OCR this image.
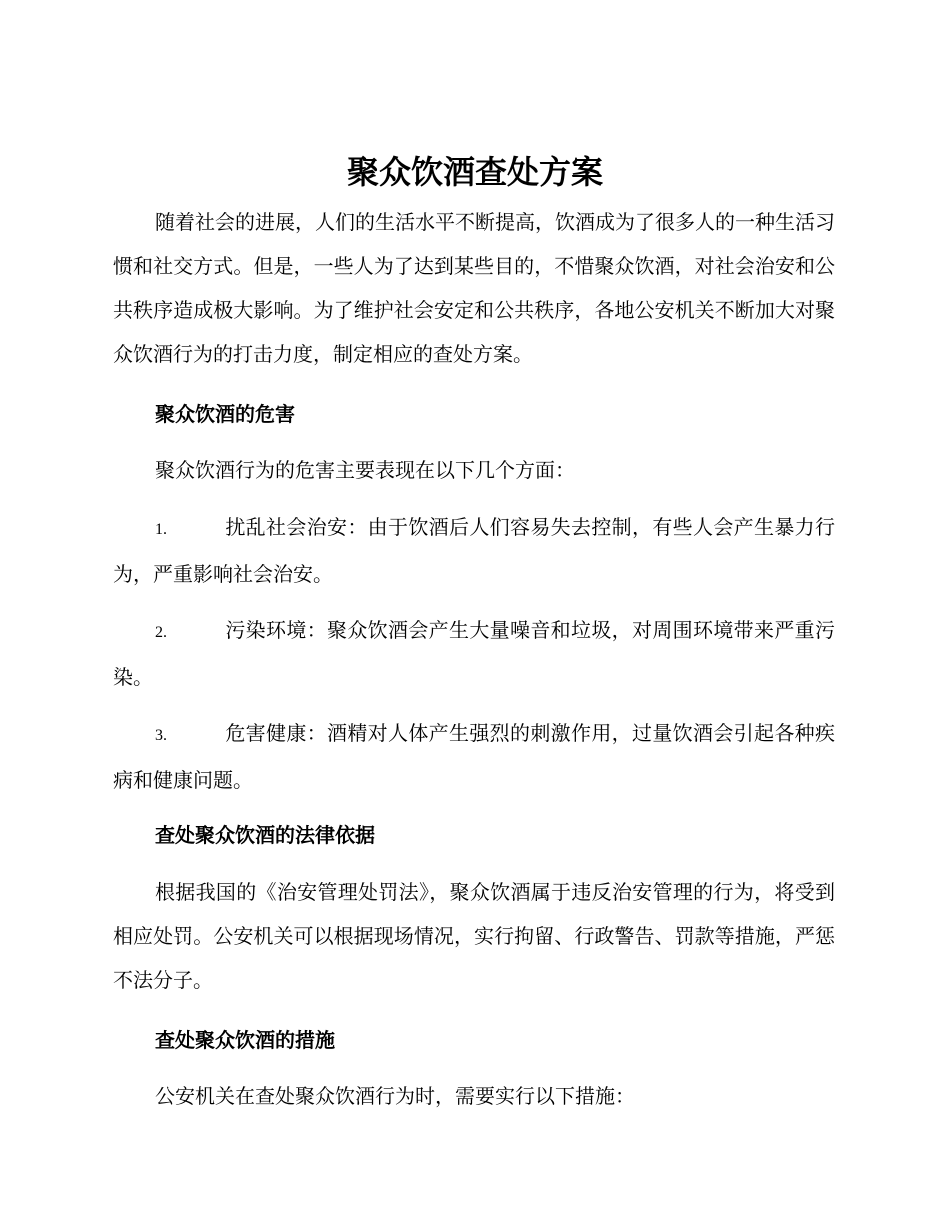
聚众饮酒查处方案

随着社会的进展，人们的生活水平不断提高，饮酒成为了很多人的一种生活习惯和社交方式。但是，一些人为了达到某些目的，不惜聚众饮酒，对社会治安和公共秩序造成极大影响。为了维护社会安定和公共秩序，各地公安机关不断加大对聚众饮酒行为的打击力度，制定相应的查处方案。

聚众饮酒的危害

聚众饮酒行为的危害主要表现在以下几个方面：

1.	扰乱社会治安：由于饮酒后人们容易失去控制，有些人会产生暴力行为，严重影响社会治安。

2.	污染环境：聚众饮酒会产生大量噪音和垃圾，对周围环境带来严重污染。

3.	危害健康：酒精对人体产生强烈的刺激作用，过量饮酒会引起各种疾病和健康问题。

查处聚众饮酒的法律依据

根据我国的《治安管理处罚法》，聚众饮酒属于违反治安管理的行为，将受到相应处罚。公安机关可以根据现场情况，实行拘留、行政警告、罚款等措施，严惩不法分子。

查处聚众饮酒的措施

公安机关在查处聚众饮酒行为时，需要实行以下措施：
